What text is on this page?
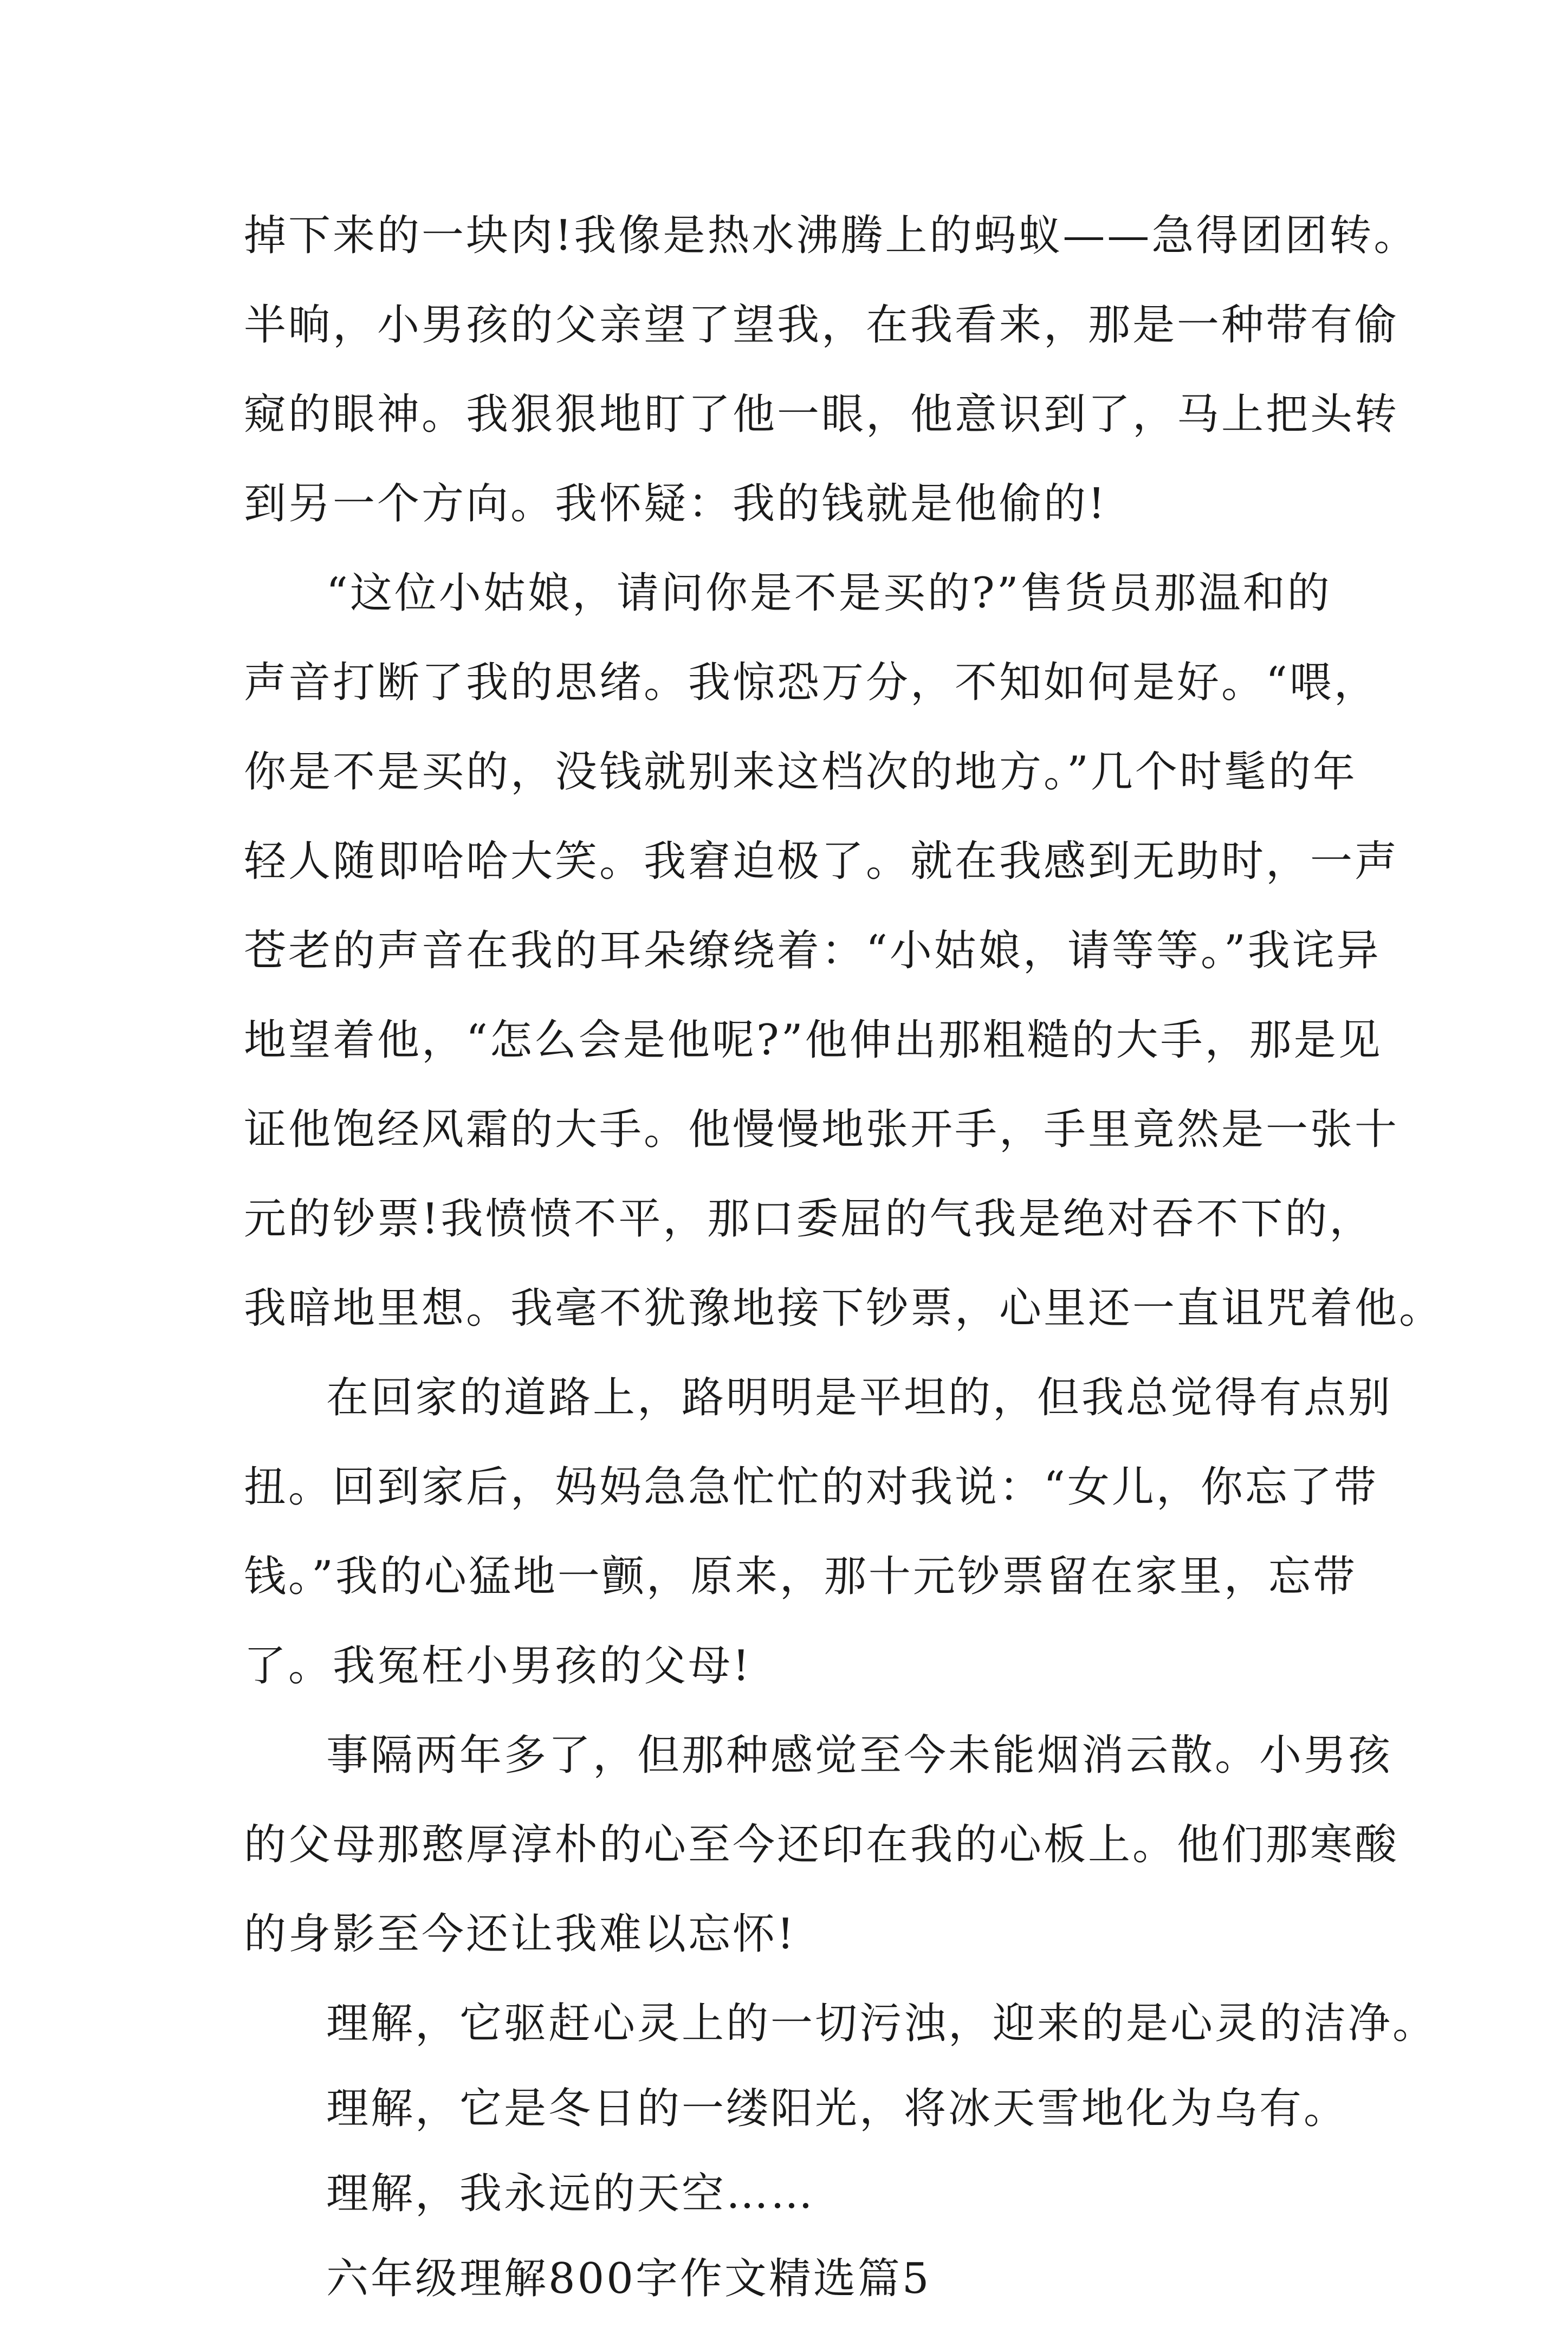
掉下来的一块肉!我像是热水沸腾上的蚂蚁——急得团团转。
半晌，小男孩的父亲望了望我，在我看来，那是一种带有偷
窥的眼神。我狠狠地盯了他一眼，他意识到了，马上把头转
到另一个方向。我怀疑：我的钱就是他偷的!
“这位小姑娘，请问你是不是买的?”售货员那温和的
声音打断了我的思绪。我惊恐万分，不知如何是好。“喂，
你是不是买的，没钱就别来这档次的地方。”几个时髦的年
轻人随即哈哈大笑。我窘迫极了。就在我感到无助时，一声
苍老的声音在我的耳朵缭绕着：“小姑娘，请等等。”我诧异
地望着他，“怎么会是他呢?”他伸出那粗糙的大手，那是见
证他饱经风霜的大手。他慢慢地张开手，手里竟然是一张十
元的钞票!我愤愤不平，那口委屈的气我是绝对吞不下的，
我暗地里想。我毫不犹豫地接下钞票，心里还一直诅咒着他。
在回家的道路上，路明明是平坦的，但我总觉得有点别
扭。回到家后，妈妈急急忙忙的对我说：“女儿，你忘了带
钱。”我的心猛地一颤，原来，那十元钞票留在家里，忘带
了。我冤枉小男孩的父母!
事隔两年多了，但那种感觉至今未能烟消云散。小男孩
的父母那憨厚淳朴的心至今还印在我的心板上。他们那寒酸
的身影至今还让我难以忘怀!
理解，它驱赶心灵上的一切污浊，迎来的是心灵的洁净。
理解，它是冬日的一缕阳光，将冰天雪地化为乌有。
理解，我永远的天空……
六年级理解800字作文精选篇5
